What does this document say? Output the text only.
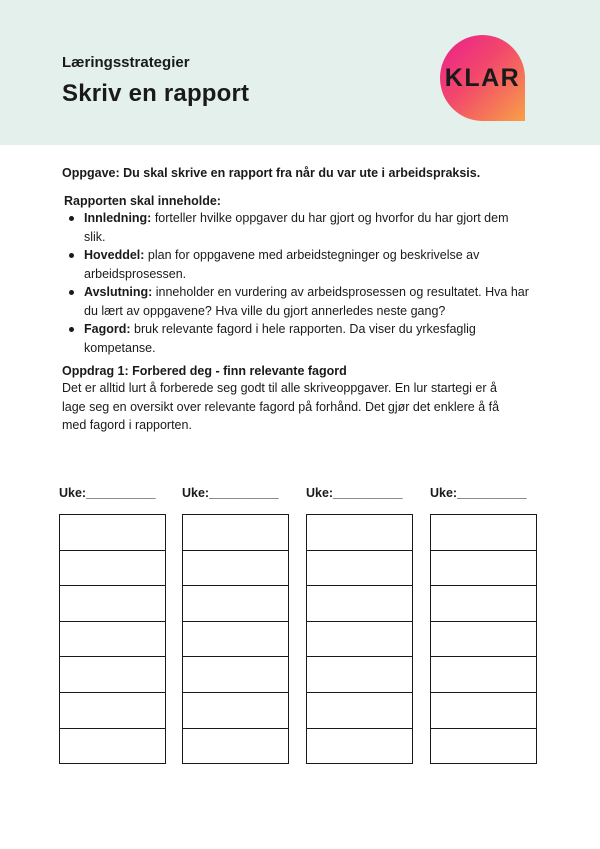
Læringsstrategier
Skriv en rapport
KLAR
Oppgave: Du skal skrive en rapport fra når du var ute i arbeidspraksis.
Rapporten skal inneholde:
Innledning: forteller hvilke oppgaver du har gjort og hvorfor du har gjort dem slik.
Hoveddel: plan for oppgavene med arbeidstegninger og beskrivelse av arbeidsprosessen.
Avslutning: inneholder en vurdering av arbeidsprosessen og resultatet. Hva har du lært av oppgavene? Hva ville du gjort annerledes neste gang?
Fagord: bruk relevante fagord i hele rapporten. Da viser du yrkesfaglig kompetanse.
Oppdrag 1: Forbered deg - finn relevante fagord
Det er alltid lurt å forberede seg godt til alle skriveoppgaver. En lur startegi er å lage seg en oversikt over relevante fagord på forhånd. Det gjør det enklere å få med fagord i rapporten.
Uke:__________	Uke:__________	Uke:__________	Uke:__________
